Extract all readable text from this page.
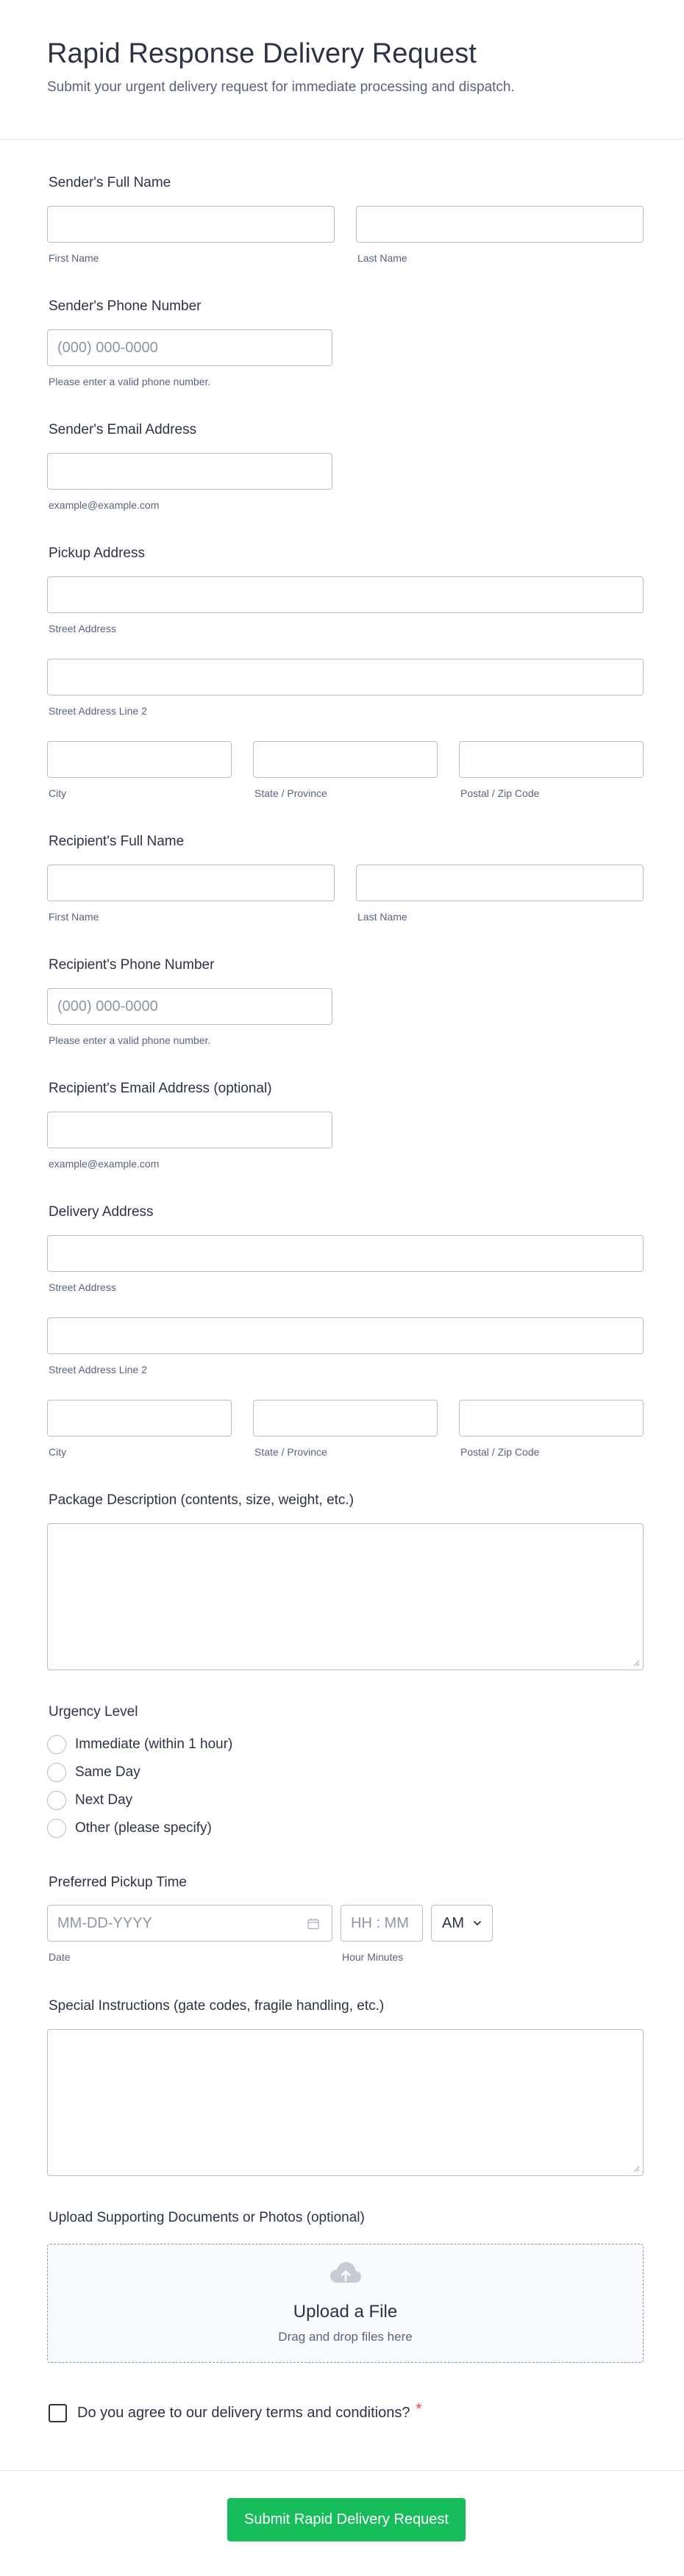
Rapid Response Delivery Request

Submit your urgent delivery request for immediate processing and dispatch.

Sender's Full Name
First Name	Last Name
Sender's Phone Number
(000) 000-0000
Please enter a valid phone number.
Sender's Email Address
example@example.com
Pickup Address
Street Address
Street Address Line 2
City	State / Province	Postal / Zip Code
Recipient's Full Name
First Name	Last Name
Recipient's Phone Number
(000) 000-0000
Please enter a valid phone number.
Recipient's Email Address (optional)
example@example.com
Delivery Address
Street Address
Street Address Line 2
City	State / Province	Postal / Zip Code
Package Description (contents, size, weight, etc.)
Urgency Level
Immediate (within 1 hour)
Same Day
Next Day
Other (please specify)
Preferred Pickup Time
MM-DD-YYYY	HH : MM AM
Date	Hour Minutes
Special Instructions (gate codes, fragile handling, etc.)
Upload Supporting Documents or Photos (optional)
Upload a File
Drag and drop files here
Do you agree to our delivery terms and conditions? *
Submit Rapid Delivery Request
